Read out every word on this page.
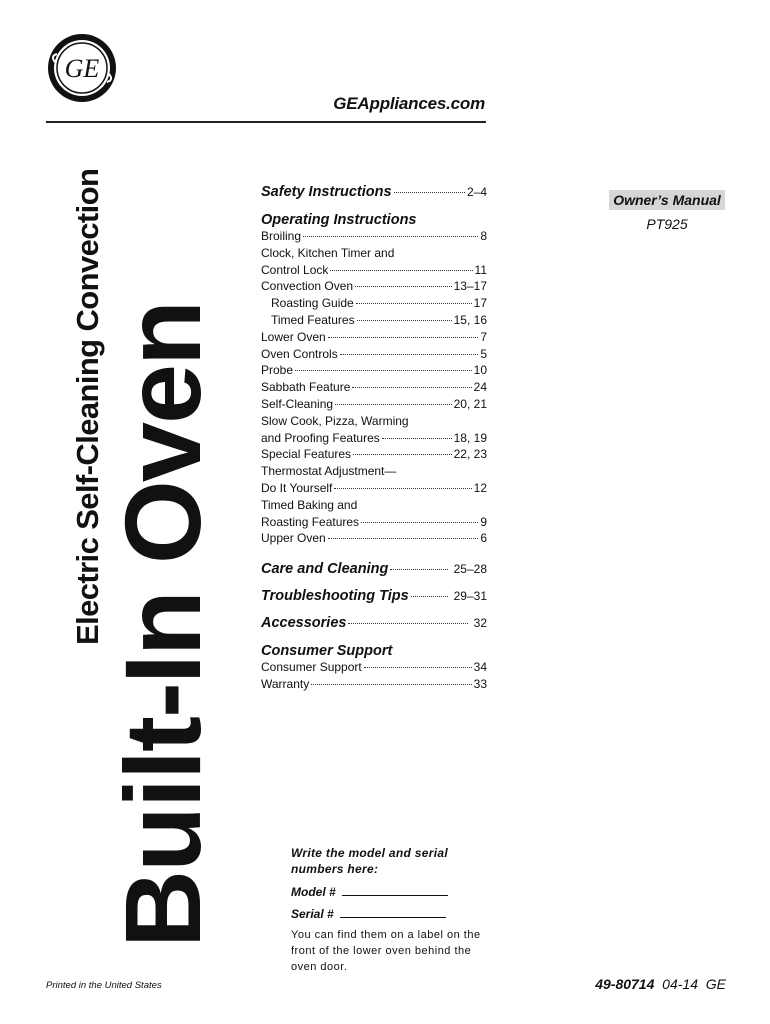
GE
GEAppliances.com
Electric Self-Cleaning Convection
Built-In Oven
Safety Instructions	2–4
Operating Instructions
Broiling	8
Clock, Kitchen Timer and
Control Lock	11
Convection Oven	13–17
Roasting Guide	17
Timed Features	15, 16
Lower Oven	7
Oven Controls	5
Probe	10
Sabbath Feature	24
Self-Cleaning	20, 21
Slow Cook, Pizza, Warming
and Proofing Features	18, 19
Special Features	22, 23
Thermostat Adjustment—
Do It Yourself	12
Timed Baking and
Roasting Features	9
Upper Oven	6
Care and Cleaning	25–28
Troubleshooting Tips	29–31
Accessories	32
Consumer Support
Consumer Support	34
Warranty	33
Owner’s Manual
PT925
Write the model and serial numbers here:
Model #
Serial #
You can find them on a label on the front of the lower oven behind the oven door.
Printed in the United States	49-80714 04-14 GE
